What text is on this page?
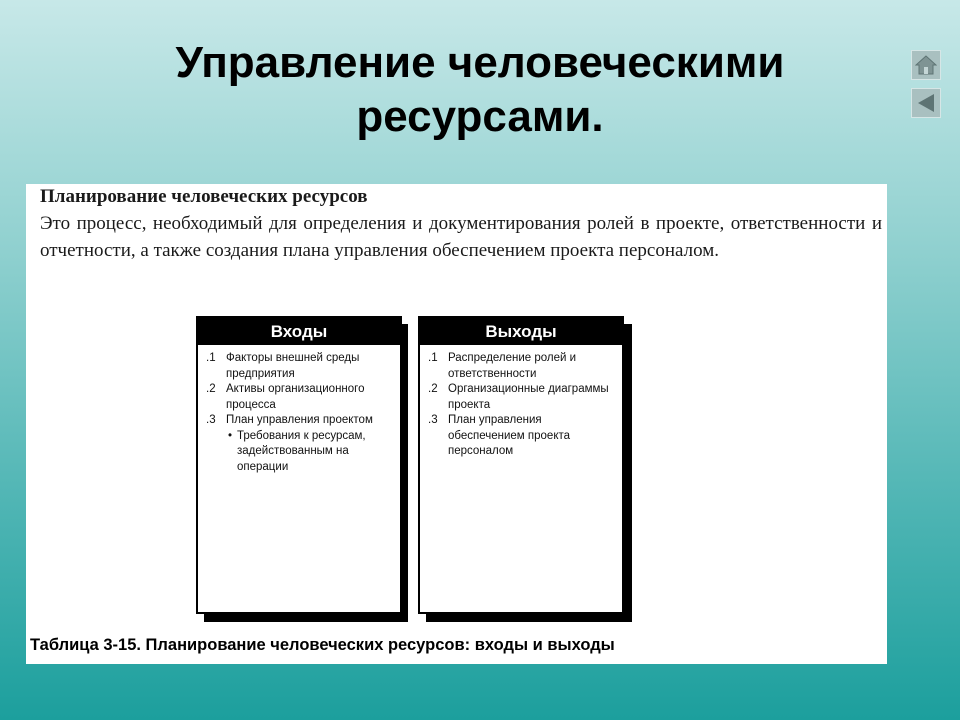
Управление человеческими
ресурсами.
Планирование человеческих ресурсов
Это процесс, необходимый для определения и документирования ролей в проекте, ответственности и отчетности, а также создания плана управления обеспечением проекта персоналом.
Входы
.1 Факторы внешней среды предприятия
.2 Активы организационного процесса
.3 План управления проектом
• Требования к ресурсам, задействованным на операции
Выходы
.1 Распределение ролей и ответственности
.2 Организационные диаграммы проекта
.3 План управления обеспечением проекта персоналом
Таблица 3-15. Планирование человеческих ресурсов: входы и выходы
